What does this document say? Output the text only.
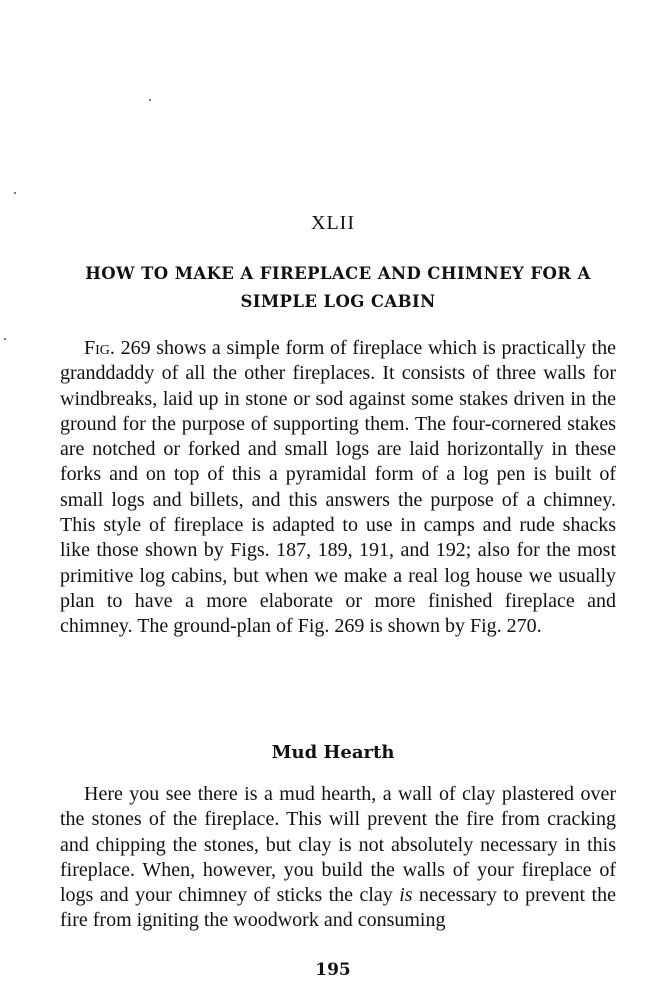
XLII
HOW TO MAKE A FIREPLACE AND CHIMNEY FOR A SIMPLE LOG CABIN

Fig. 269 shows a simple form of fireplace which is practically the granddaddy of all the other fireplaces. It consists of three walls for windbreaks, laid up in stone or sod against some stakes driven in the ground for the purpose of supporting them. The four-cornered stakes are notched or forked and small logs are laid horizontally in these forks and on top of this a pyramidal form of a log pen is built of small logs and billets, and this answers the purpose of a chimney. This style of fireplace is adapted to use in camps and rude shacks like those shown by Figs. 187, 189, 191, and 192; also for the most primitive log cabins, but when we make a real log house we usually plan to have a more elaborate or more finished fireplace and chimney. The ground-plan of Fig. 269 is shown by Fig. 270.

Mud Hearth

Here you see there is a mud hearth, a wall of clay plastered over the stones of the fireplace. This will prevent the fire from cracking and chipping the stones, but clay is not absolutely necessary in this fireplace. When, however, you build the walls of your fireplace of logs and your chimney of sticks the clay is necessary to prevent the fire from igniting the woodwork and consuming

195
